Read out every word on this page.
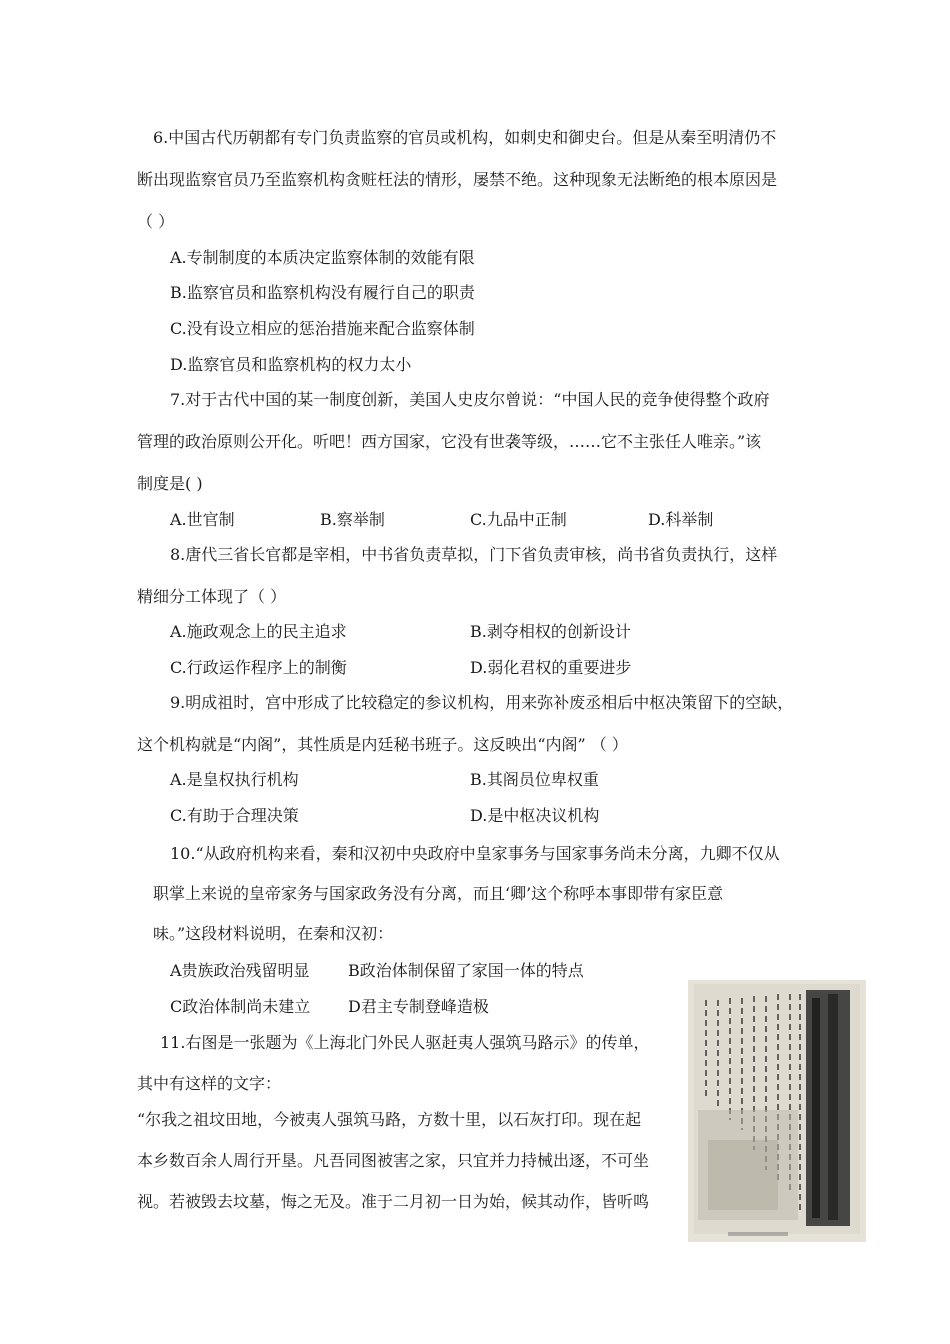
6.中国古代历朝都有专门负责监察的官员或机构，如刺史和御史台。但是从秦至明清仍不
断出现监察官员乃至监察机构贪赃枉法的情形，屡禁不绝。这种现象无法断绝的根本原因是
（ ）
A.专制制度的本质决定监察体制的效能有限
B.监察官员和监察机构没有履行自己的职责
C.没有设立相应的惩治措施来配合监察体制
D.监察官员和监察机构的权力太小
7.对于古代中国的某一制度创新，美国人史皮尔曾说：“中国人民的竞争使得整个政府
管理的政治原则公开化。听吧！西方国家，它没有世袭等级，……它不主张任人唯亲。”该
制度是( )
A.世官制	B.察举制	C.九品中正制	D.科举制
8.唐代三省长官都是宰相，中书省负责草拟，门下省负责审核，尚书省负责执行，这样
精细分工体现了（ ）
A.施政观念上的民主追求	B.剥夺相权的创新设计
C.行政运作程序上的制衡	D.弱化君权的重要进步
9.明成祖时，宫中形成了比较稳定的参议机构，用来弥补废丞相后中枢决策留下的空缺，
这个机构就是“内阁”，其性质是内廷秘书班子。这反映出“内阁” （ ）
A.是皇权执行机构	B.其阁员位卑权重
C.有助于合理决策	D.是中枢决议机构
10.“从政府机构来看，秦和汉初中央政府中皇家事务与国家事务尚未分离，九卿不仅从
职掌上来说的皇帝家务与国家政务没有分离，而且‘卿’这个称呼本事即带有家臣意
味。”这段材料说明，在秦和汉初：
A贵族政治残留明显 B政治体制保留了家国一体的特点
C政治体制尚未建立 D君主专制登峰造极
11.右图是一张题为《上海北门外民人驱赶夷人强筑马路示》的传单，
其中有这样的文字：
“尔我之祖坟田地，今被夷人强筑马路，方数十里，以石灰打印。现在起
本乡数百余人周行开垦。凡吾同图被害之家，只宜并力持械出逐，不可坐
视。若被毁去坟墓，悔之无及。准于二月初一日为始，候其动作，皆听鸣
